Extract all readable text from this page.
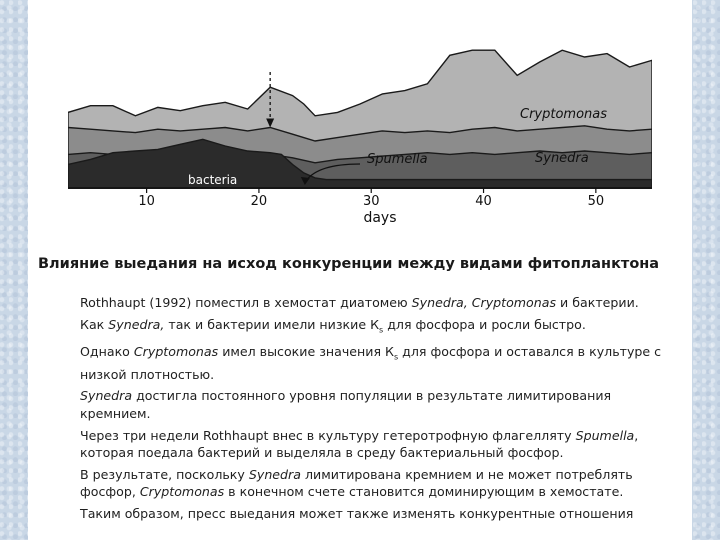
10	20	30	40	50
Cryptomonas
Synedra
Spumella
bacteria
days
Влияние выедания на исход конкуренции между видами фитопланктона

Rothhaupt (1992) поместил в хемостат диатомею Synedra, Cryptomonas и бактерии.

Как Synedra, так и бактерии имели низкие $К_s$ для фосфора и росли быстро.

Однако Cryptomonas имел высокие значения $К_s$ для фосфора и оставался в культуре с низкой плотностью.

Synedra достигла постоянного уровня популяции в результате лимитирования кремнием.

Через три недели Rothhaupt внес в культуру гетеротрофную флагелляту Spumella, которая поедала бактерий и выделяла в среду бактериальный фосфор.

В результате, поскольку Synedra лимитирована кремнием и не может потреблять фосфор, Cryptomonas в конечном счете становится доминирующим в хемостате.

Таким образом, пресс выедания может также изменять конкурентные отношения
